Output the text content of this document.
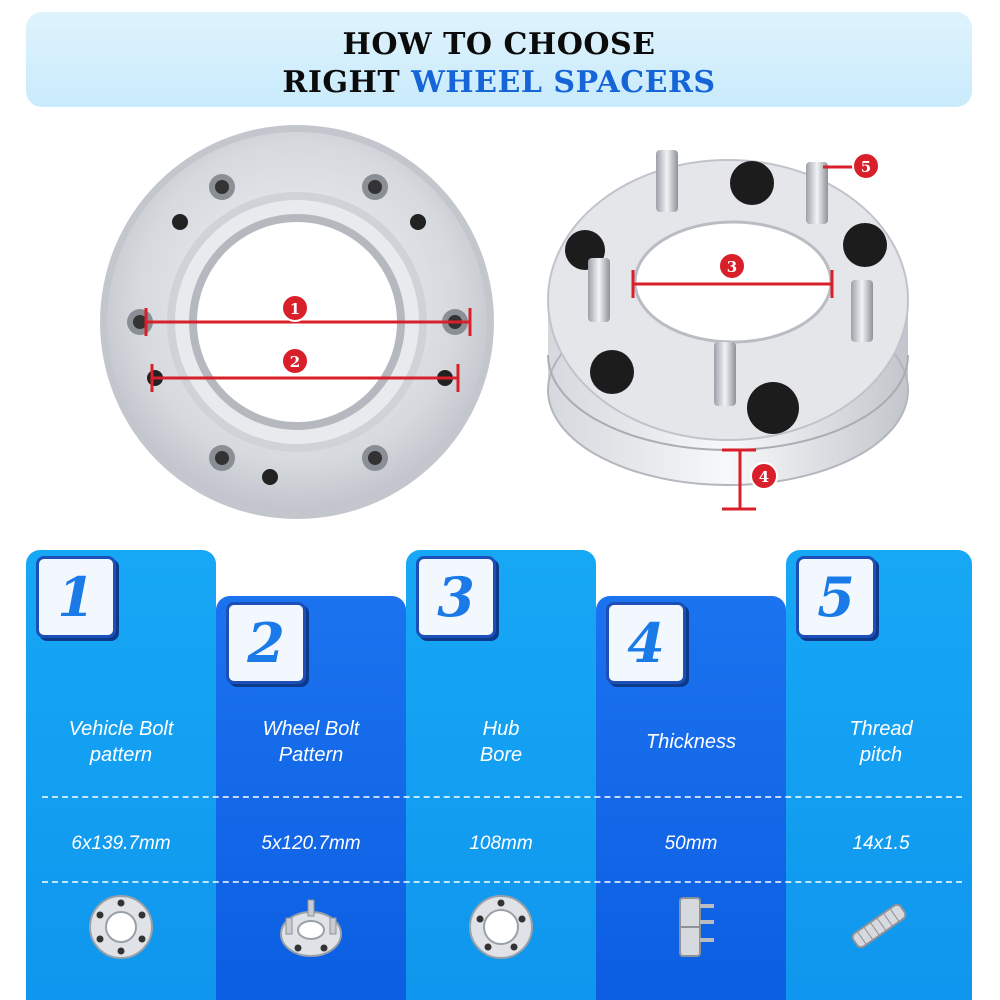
HOW TO CHOOSE
RIGHT WHEEL SPACERS
1
2
3
4
5
1
Vehicle Bolt
pattern
6x139.7mm
2
Wheel Bolt
Pattern
5x120.7mm
3
Hub
Bore
108mm
4
Thickness
50mm
5
Thread
pitch
14x1.5
